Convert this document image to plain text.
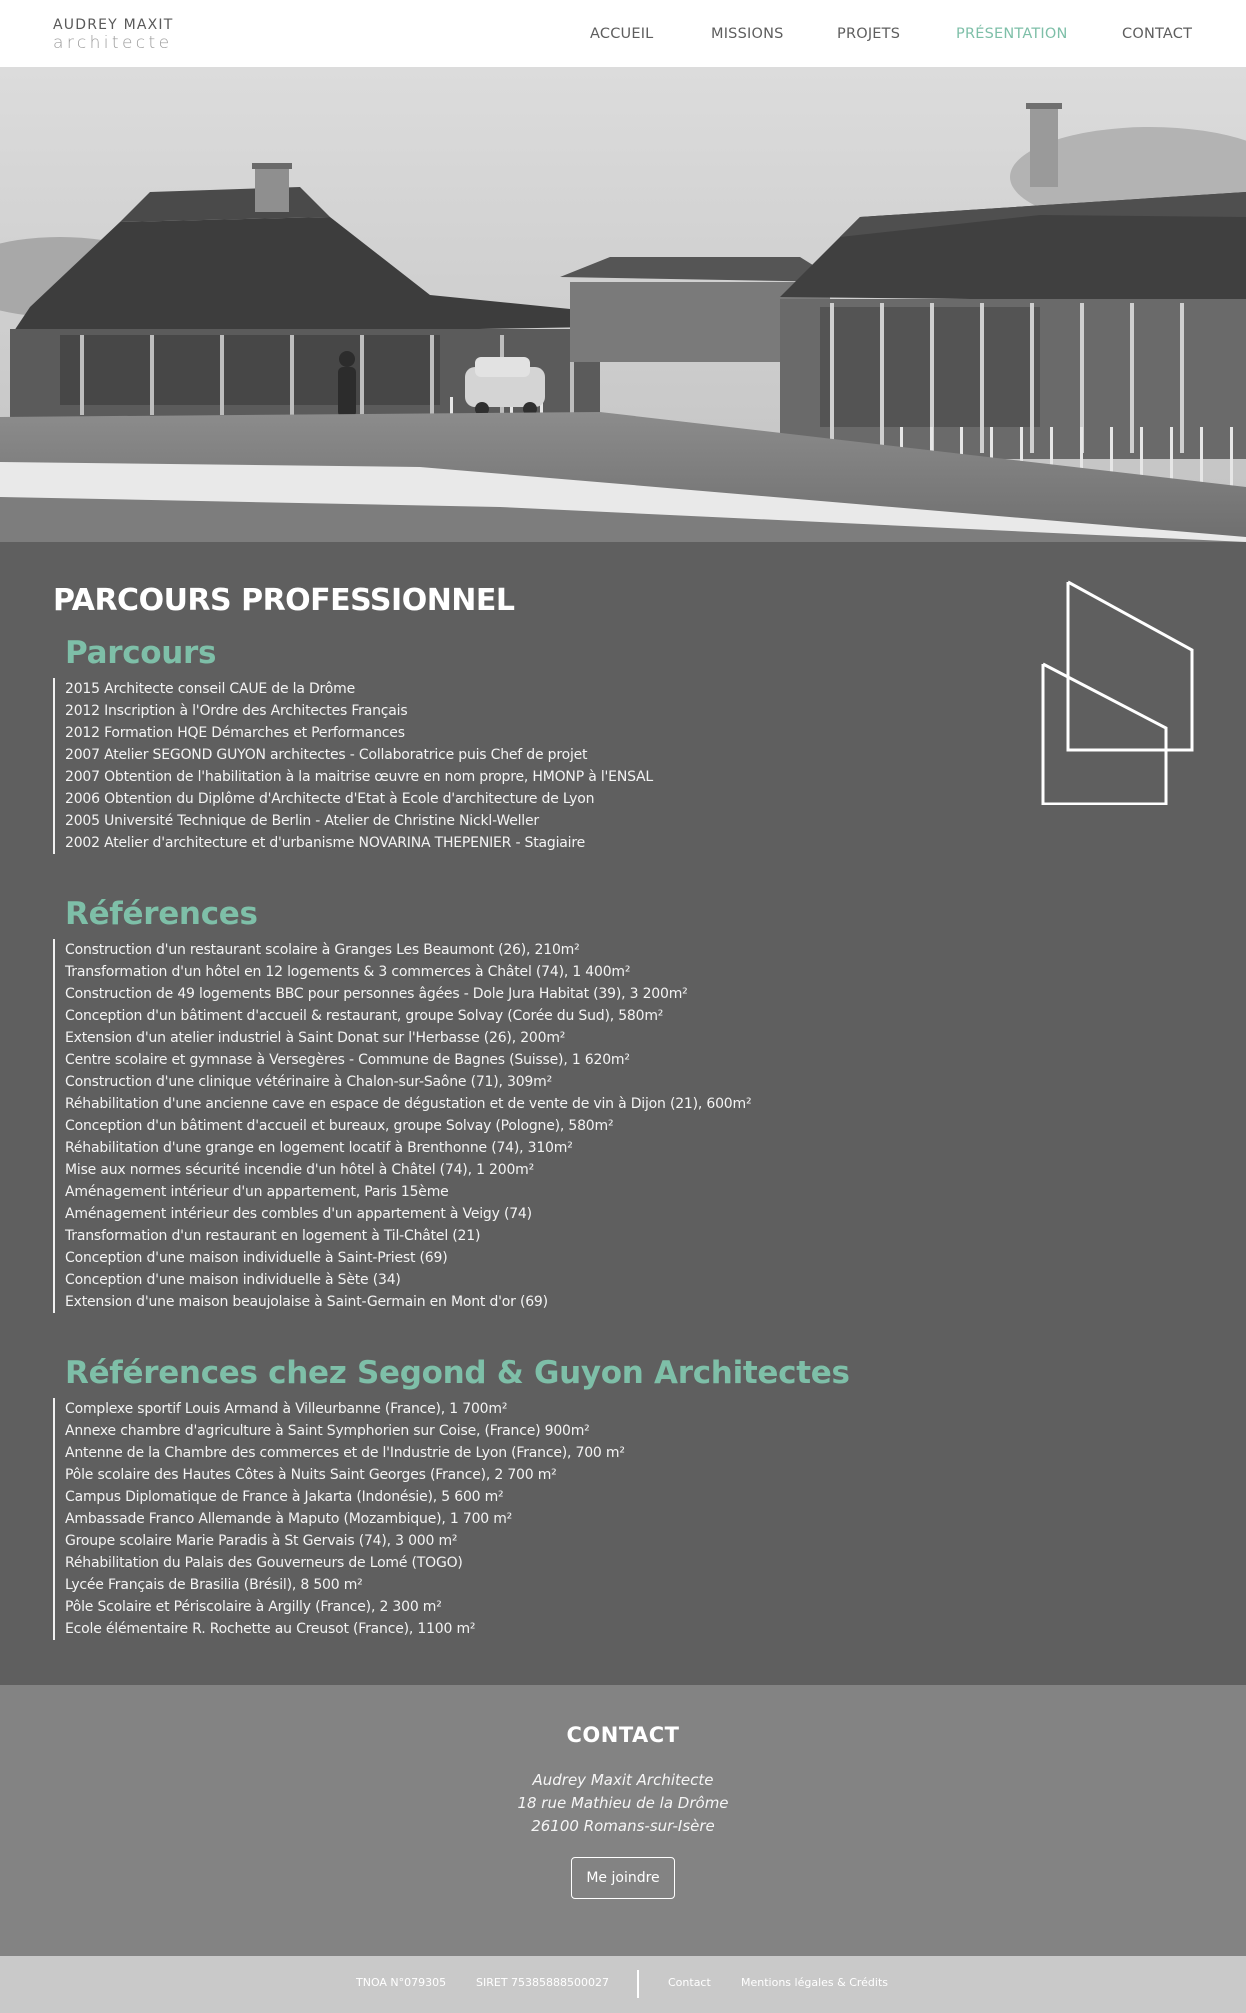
AUDREY MAXIT
architecte	ACCUEIL	MISSIONS	PROJETS	PRÉSENTATION	CONTACT
PARCOURS PROFESSIONNEL
Parcours
2015 Architecte conseil CAUE de la Drôme
2012 Inscription à l'Ordre des Architectes Français
2012 Formation HQE Démarches et Performances
2007 Atelier SEGOND GUYON architectes - Collaboratrice puis Chef de projet
2007 Obtention de l'habilitation à la maitrise œuvre en nom propre, HMONP à l'ENSAL
2006 Obtention du Diplôme d'Architecte d'Etat à Ecole d'architecture de Lyon
2005 Université Technique de Berlin - Atelier de Christine Nickl-Weller
2002 Atelier d'architecture et d'urbanisme NOVARINA THEPENIER - Stagiaire
Références
Construction d'un restaurant scolaire à Granges Les Beaumont (26), 210m²
Transformation d'un hôtel en 12 logements & 3 commerces à Châtel (74), 1 400m²
Construction de 49 logements BBC pour personnes âgées - Dole Jura Habitat (39), 3 200m²
Conception d'un bâtiment d'accueil & restaurant, groupe Solvay (Corée du Sud), 580m²
Extension d'un atelier industriel à Saint Donat sur l'Herbasse (26), 200m²
Centre scolaire et gymnase à Versegères - Commune de Bagnes (Suisse), 1 620m²
Construction d'une clinique vétérinaire à Chalon-sur-Saône (71), 309m²
Réhabilitation d'une ancienne cave en espace de dégustation et de vente de vin à Dijon (21), 600m²
Conception d'un bâtiment d'accueil et bureaux, groupe Solvay (Pologne), 580m²
Réhabilitation d'une grange en logement locatif à Brenthonne (74), 310m²
Mise aux normes sécurité incendie d'un hôtel à Châtel (74), 1 200m²
Aménagement intérieur d'un appartement, Paris 15ème
Aménagement intérieur des combles d'un appartement à Veigy (74)
Transformation d'un restaurant en logement à Til-Châtel (21)
Conception d'une maison individuelle à Saint-Priest (69)
Conception d'une maison individuelle à Sète (34)
Extension d'une maison beaujolaise à Saint-Germain en Mont d'or (69)
Références chez Segond & Guyon Architectes
Complexe sportif Louis Armand à Villeurbanne (France), 1 700m²
Annexe chambre d'agriculture à Saint Symphorien sur Coise, (France) 900m²
Antenne de la Chambre des commerces et de l'Industrie de Lyon (France), 700 m²
Pôle scolaire des Hautes Côtes à Nuits Saint Georges (France), 2 700 m²
Campus Diplomatique de France à Jakarta (Indonésie), 5 600 m²
Ambassade Franco Allemande à Maputo (Mozambique), 1 700 m²
Groupe scolaire Marie Paradis à St Gervais (74), 3 000 m²
Réhabilitation du Palais des Gouverneurs de Lomé (TOGO)
Lycée Français de Brasilia (Brésil), 8 500 m²
Pôle Scolaire et Périscolaire à Argilly (France), 2 300 m²
Ecole élémentaire R. Rochette au Creusot (France), 1100 m²
CONTACT

Audrey Maxit Architecte

18 rue Mathieu de la Drôme

26100 Romans-sur-Isère

Me joindre
TNOA N°079305	SIRET 75385888500027	Contact	Mentions légales & Crédits
